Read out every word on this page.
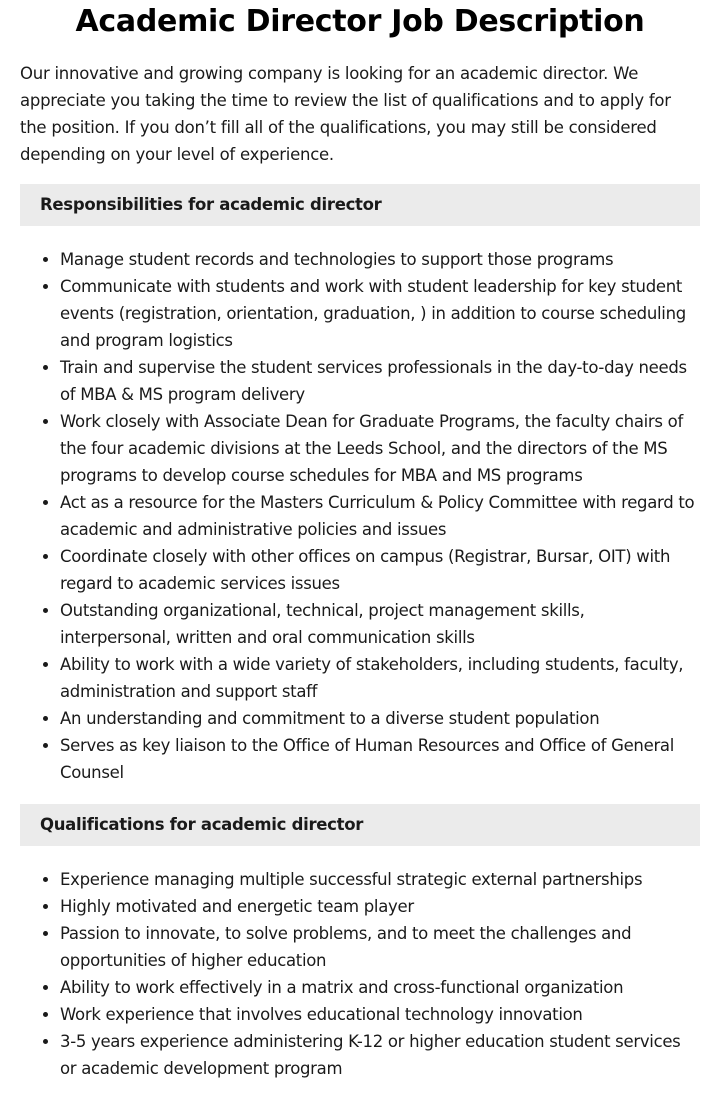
Academic Director Job Description

Our innovative and growing company is looking for an academic director. We appreciate you taking the time to review the list of qualifications and to apply for the position. If you don’t fill all of the qualifications, you may still be considered depending on your level of experience.

Responsibilities for academic director
• Manage student records and technologies to support those programs
• Communicate with students and work with student leadership for key student events (registration, orientation, graduation, ) in addition to course scheduling and program logistics
• Train and supervise the student services professionals in the day-to-day needs of MBA & MS program delivery
• Work closely with Associate Dean for Graduate Programs, the faculty chairs of the four academic divisions at the Leeds School, and the directors of the MS programs to develop course schedules for MBA and MS programs
• Act as a resource for the Masters Curriculum & Policy Committee with regard to academic and administrative policies and issues
• Coordinate closely with other offices on campus (Registrar, Bursar, OIT) with regard to academic services issues
• Outstanding organizational, technical, project management skills, interpersonal, written and oral communication skills
• Ability to work with a wide variety of stakeholders, including students, faculty, administration and support staff
• An understanding and commitment to a diverse student population
• Serves as key liaison to the Office of Human Resources and Office of General Counsel
Qualifications for academic director
• Experience managing multiple successful strategic external partnerships
• Highly motivated and energetic team player
• Passion to innovate, to solve problems, and to meet the challenges and opportunities of higher education
• Ability to work effectively in a matrix and cross-functional organization
• Work experience that involves educational technology innovation
• 3-5 years experience administering K-12 or higher education student services or academic development program
